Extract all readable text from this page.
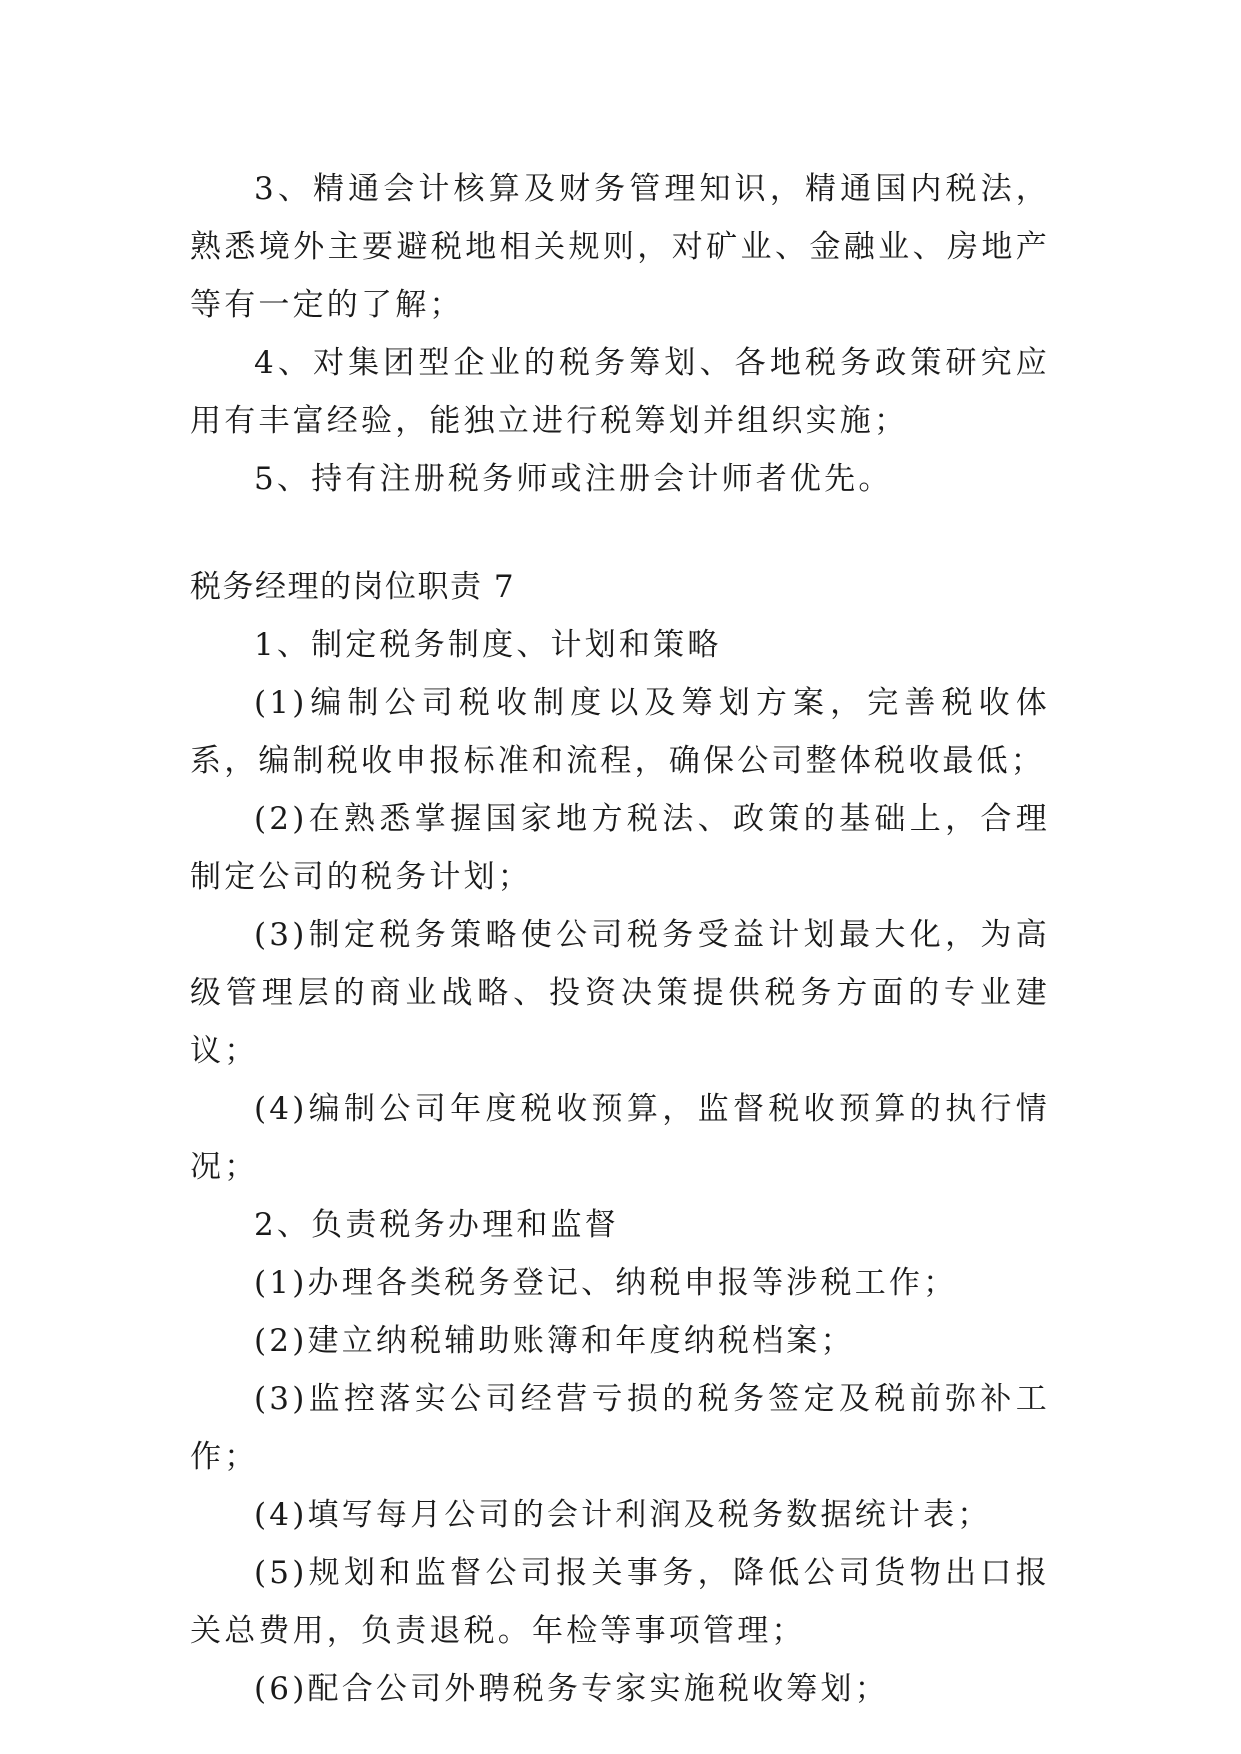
3、精通会计核算及财务管理知识，精通国内税法，熟悉境外主要避税地相关规则，对矿业、金融业、房地产等有一定的了解；

4、对集团型企业的税务筹划、各地税务政策研究应用有丰富经验，能独立进行税筹划并组织实施；

5、持有注册税务师或注册会计师者优先。

税务经理的岗位职责 7

1、制定税务制度、计划和策略

(1)编制公司税收制度以及筹划方案，完善税收体系，编制税收申报标准和流程，确保公司整体税收最低；

(2)在熟悉掌握国家地方税法、政策的基础上，合理制定公司的税务计划；

(3)制定税务策略使公司税务受益计划最大化，为高级管理层的商业战略、投资决策提供税务方面的专业建议；

(4)编制公司年度税收预算，监督税收预算的执行情况；

2、负责税务办理和监督

(1)办理各类税务登记、纳税申报等涉税工作；

(2)建立纳税辅助账簿和年度纳税档案；

(3)监控落实公司经营亏损的税务签定及税前弥补工作；

(4)填写每月公司的会计利润及税务数据统计表；

(5)规划和监督公司报关事务，降低公司货物出口报关总费用，负责退税。年检等事项管理；

(6)配合公司外聘税务专家实施税收筹划；
